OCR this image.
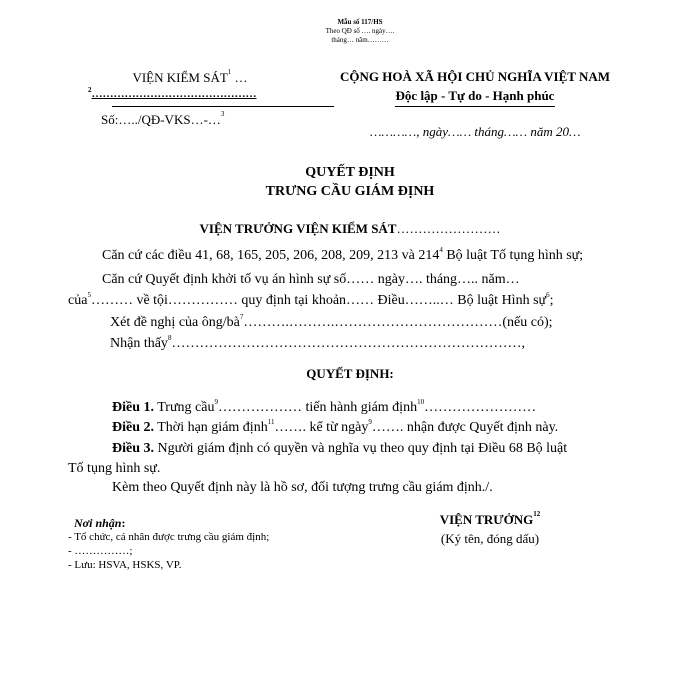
Mẫu số 117/HS
Theo QĐ số …. ngày….
tháng… năm………
VIỆN KIỂM SÁT$^1$ …
$^2$………………………………………
Số:…../QĐ-VKS…-…$^3$
CỘNG HOÀ XÃ HỘI CHỦ NGHĨA VIỆT NAM
Độc lập - Tự do - Hạnh phúc
…………, ngày…… tháng…… năm 20…
QUYẾT ĐỊNH
TRƯNG CẦU GIÁM ĐỊNH
VIỆN TRƯỞNG VIỆN KIỂM SÁT……………………
Căn cứ các điều 41, 68, 165, 205, 206, 208, 209, 213 và $214^4$ Bộ luật Tố tụng hình sự;
Căn cứ Quyết định khởi tố vụ án hình sự số…… ngày…. tháng….. năm…
của$^5$……… về tội…………… quy định tại khoản…… Điều……..… Bộ luật Hình sự$^6$;
Xét đề nghị của ông/$bà^7\dots\dots\dots.\dots\dots\dots.\dots\dots\dots\dots\dots\dots\dots\dots\dots\dots\dots\dots(nếu$ có);
Nhận thấy$^8$…………………………………………………………………,
QUYẾT ĐỊNH:
Điều 1. Trưng cầu$^9$……………… tiến hành giám định$^{10}$……………………
Điều 2. Thời hạn giám định$^{11}$……. kể từ ngày$^9$……. nhận được Quyết định này.
Điều 3. Người giám định có quyền và nghĩa vụ theo quy định tại Điều 68 Bộ luật
Tố tụng hình sự.
Kèm theo Quyết định này là hồ sơ, đối tượng trưng cầu giám định./.
Nơi nhận:
- Tổ chức, cá nhân được trưng cầu giám định;
- ……………;
- Lưu: HSVA, HSKS, VP.
VIỆN TRƯỞNG$^{12}$
(Ký tên, đóng dấu)
